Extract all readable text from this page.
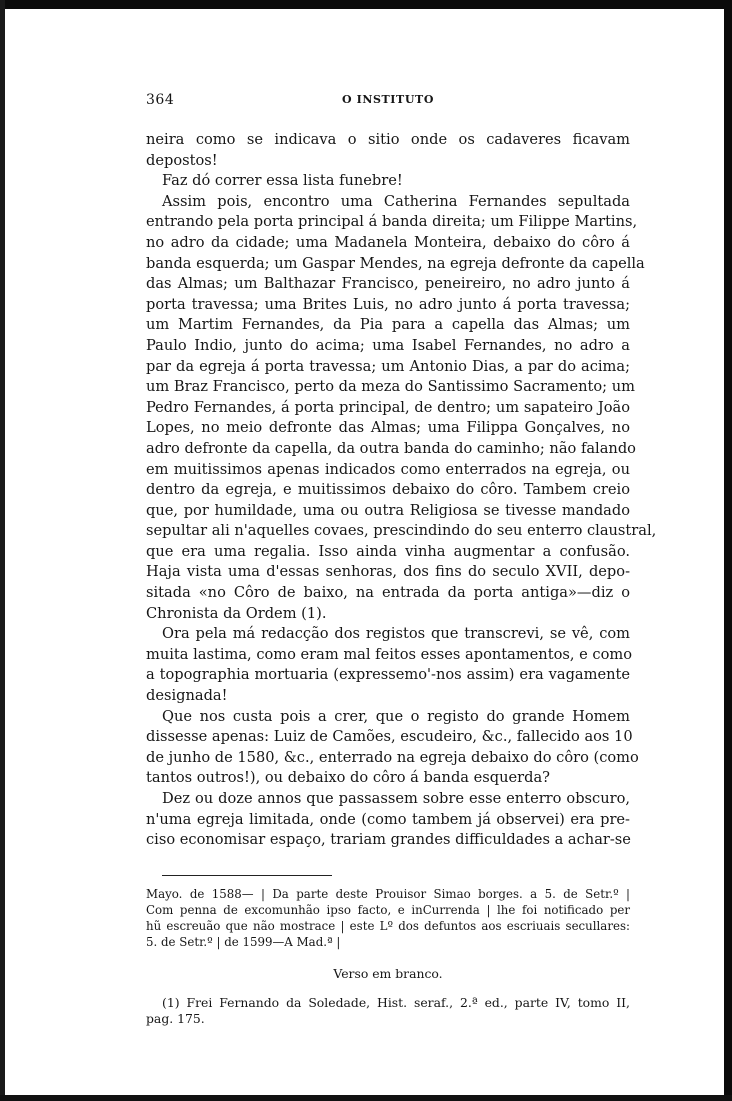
364	O INSTITUTO
neira como se indicava o sitio onde os cadaveres ficavam
depostos!
Faz dó correr essa lista funebre!
Assim pois, encontro uma Catherina Fernandes sepultada
entrando pela porta principal á banda direita; um Filippe Martins,
no adro da cidade; uma Madanela Monteira, debaixo do côro á
banda esquerda; um Gaspar Mendes, na egreja defronte da capella
das Almas; um Balthazar Francisco, peneireiro, no adro junto á
porta travessa; uma Brites Luis, no adro junto á porta travessa;
um Martim Fernandes, da Pia para a capella das Almas; um
Paulo Indio, junto do acima; uma Isabel Fernandes, no adro a
par da egreja á porta travessa; um Antonio Dias, a par do acima;
um Braz Francisco, perto da meza do Santissimo Sacramento; um
Pedro Fernandes, á porta principal, de dentro; um sapateiro João
Lopes, no meio defronte das Almas; uma Filippa Gonçalves, no
adro defronte da capella, da outra banda do caminho; não falando
em muitissimos apenas indicados como enterrados na egreja, ou
dentro da egreja, e muitissimos debaixo do côro. Tambem creio
que, por humildade, uma ou outra Religiosa se tivesse mandado
sepultar ali n'aquelles covaes, prescindindo do seu enterro claustral,
que era uma regalia. Isso ainda vinha augmentar a confusão.
Haja vista uma d'essas senhoras, dos fins do seculo XVII, depo-
sitada «no Côro de baixo, na entrada da porta antiga»—diz o
Chronista da Ordem (1).
Ora pela má redacção dos registos que transcrevi, se vê, com
muita lastima, como eram mal feitos esses apontamentos, e como
a topographia mortuaria (expressemo'-nos assim) era vagamente
designada!
Que nos custa pois a crer, que o registo do grande Homem
dissesse apenas: Luiz de Camões, escudeiro, &c., fallecido aos 10
de junho de 1580, &c., enterrado na egreja debaixo do côro (como
tantos outros!), ou debaixo do côro á banda esquerda?
Dez ou doze annos que passassem sobre esse enterro obscuro,
n'uma egreja limitada, onde (como tambem já observei) era pre-
ciso economisar espaço, trariam grandes difficuldades a achar-se
Mayo. de 1588— | Da parte deste Prouisor Simao borges. a 5. de Setr.º |
Com penna de excomunhão ipso facto, e inCurrenda | lhe foi notificado per
hũ escreuão que não mostrace | este Lº dos defuntos aos escriuais secullares:
5. de Setr.º | de 1599—A Mad.ª |
Verso em branco.
(1) Frei Fernando da Soledade, Hist. seraf., 2.ª ed., parte IV, tomo II,
pag. 175.
